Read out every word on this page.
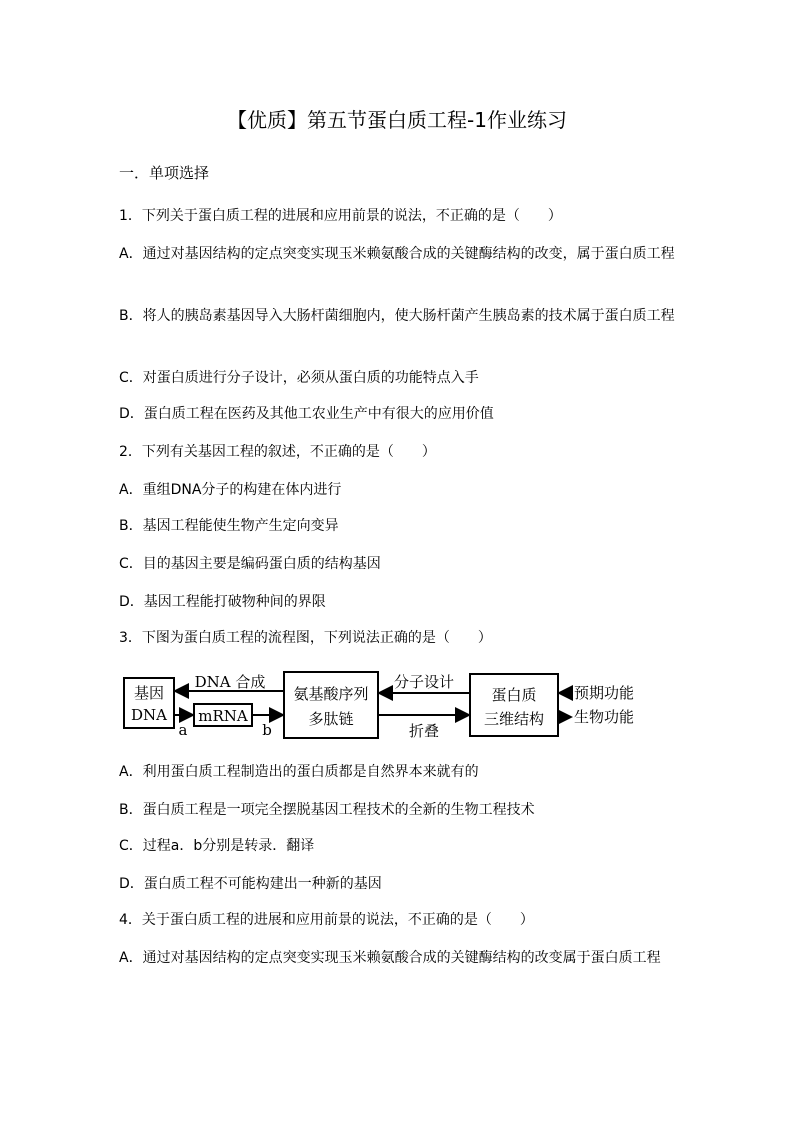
【优质】第五节蛋白质工程-1作业练习
一．单项选择
1．下列关于蛋白质工程的进展和应用前景的说法，不正确的是（　　）
A．通过对基因结构的定点突变实现玉米赖氨酸合成的关键酶结构的改变，属于蛋白质工程
B．将人的胰岛素基因导入大肠杆菌细胞内，使大肠杆菌产生胰岛素的技术属于蛋白质工程
C．对蛋白质进行分子设计，必须从蛋白质的功能特点入手
D．蛋白质工程在医药及其他工农业生产中有很大的应用价值
2．下列有关基因工程的叙述，不正确的是（　　）
A．重组DNA分子的构建在体内进行
B．基因工程能使生物产生定向变异
C．目的基因主要是编码蛋白质的结构基因
D．基因工程能打破物种间的界限
3．下图为蛋白质工程的流程图，下列说法正确的是（　　）
基因
DNA mRNA
氨基酸序列
多肽链
蛋白质
三维结构
DNA 合成
a	b
分子设计
折叠
预期功能
生物功能
A．利用蛋白质工程制造出的蛋白质都是自然界本来就有的
B．蛋白质工程是一项完全摆脱基因工程技术的全新的生物工程技术
C．过程a．b分别是转录．翻译
D．蛋白质工程不可能构建出一种新的基因
4．关于蛋白质工程的进展和应用前景的说法，不正确的是（　　）
A．通过对基因结构的定点突变实现玉米赖氨酸合成的关键酶结构的改变属于蛋白质工程
